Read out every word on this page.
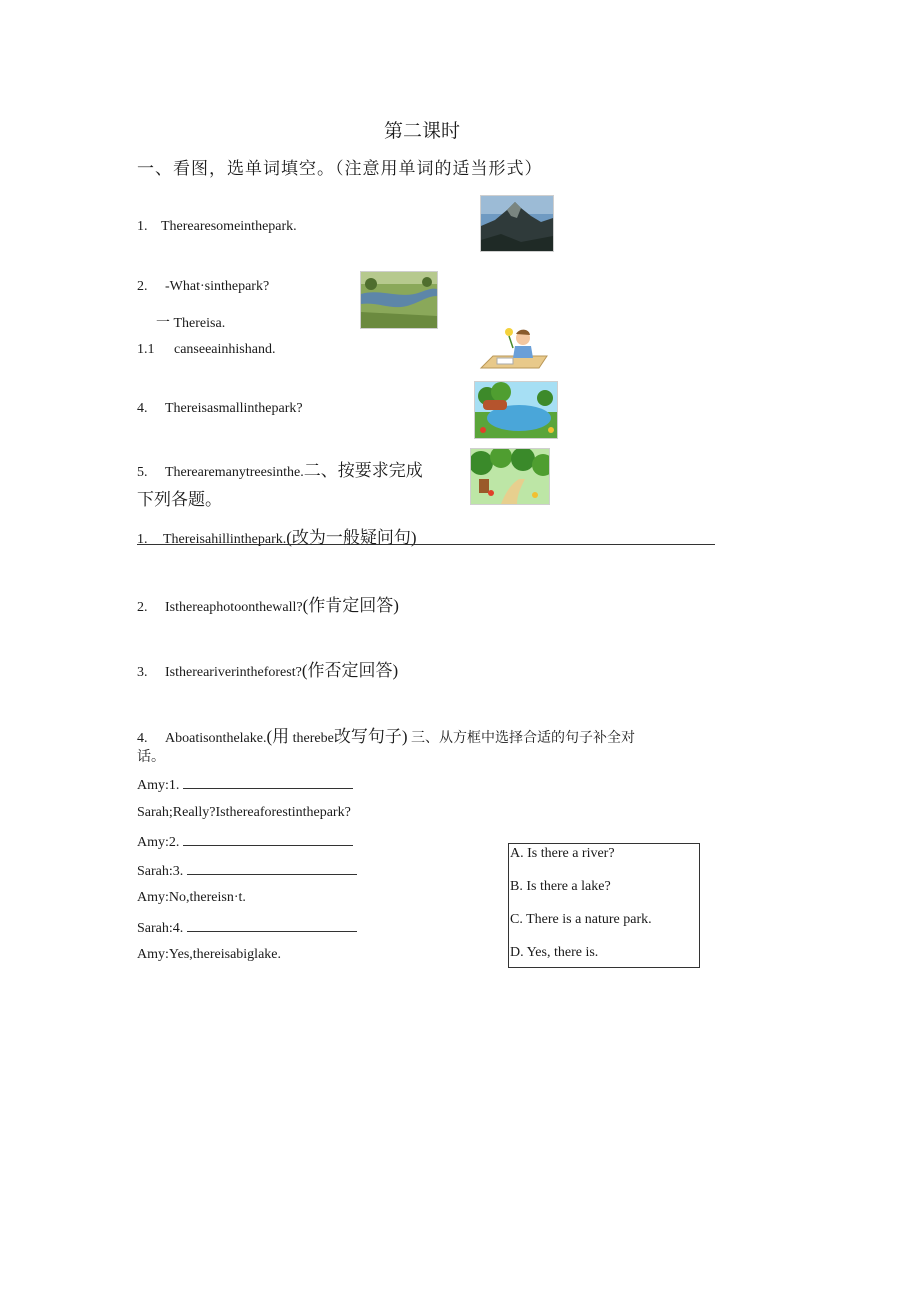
第二课时
一、看图，选单词填空。（注意用单词的适当形式）
1. Therearesomeinthepark.
2. -What·sinthepark?
一 Thereisa.
1.1 canseeainhishand.
4. Thereisasmallinthepark?
5. Therearemanytreesinthe.二、按要求完成
下列各题。
1. Thereisahillinthepark.(改为一般疑问句)
2. Isthereaphotoonthewall?(作肯定回答)
3. Isthereariverintheforest?(作否定回答)
4. Aboatisonthelake.(用 therebe改写句子) 三、从方框中选择合适的句子补全对
话。
Amy:1.
Sarah;Really?Isthereaforestinthepark?
Amy:2.
Sarah:3.
Amy:No,thereisn·t.
Sarah:4.
Amy:Yes,thereisabiglake.
A. Is there a river?
B. Is there a lake?
C. There is a nature park.
D. Yes, there is.
